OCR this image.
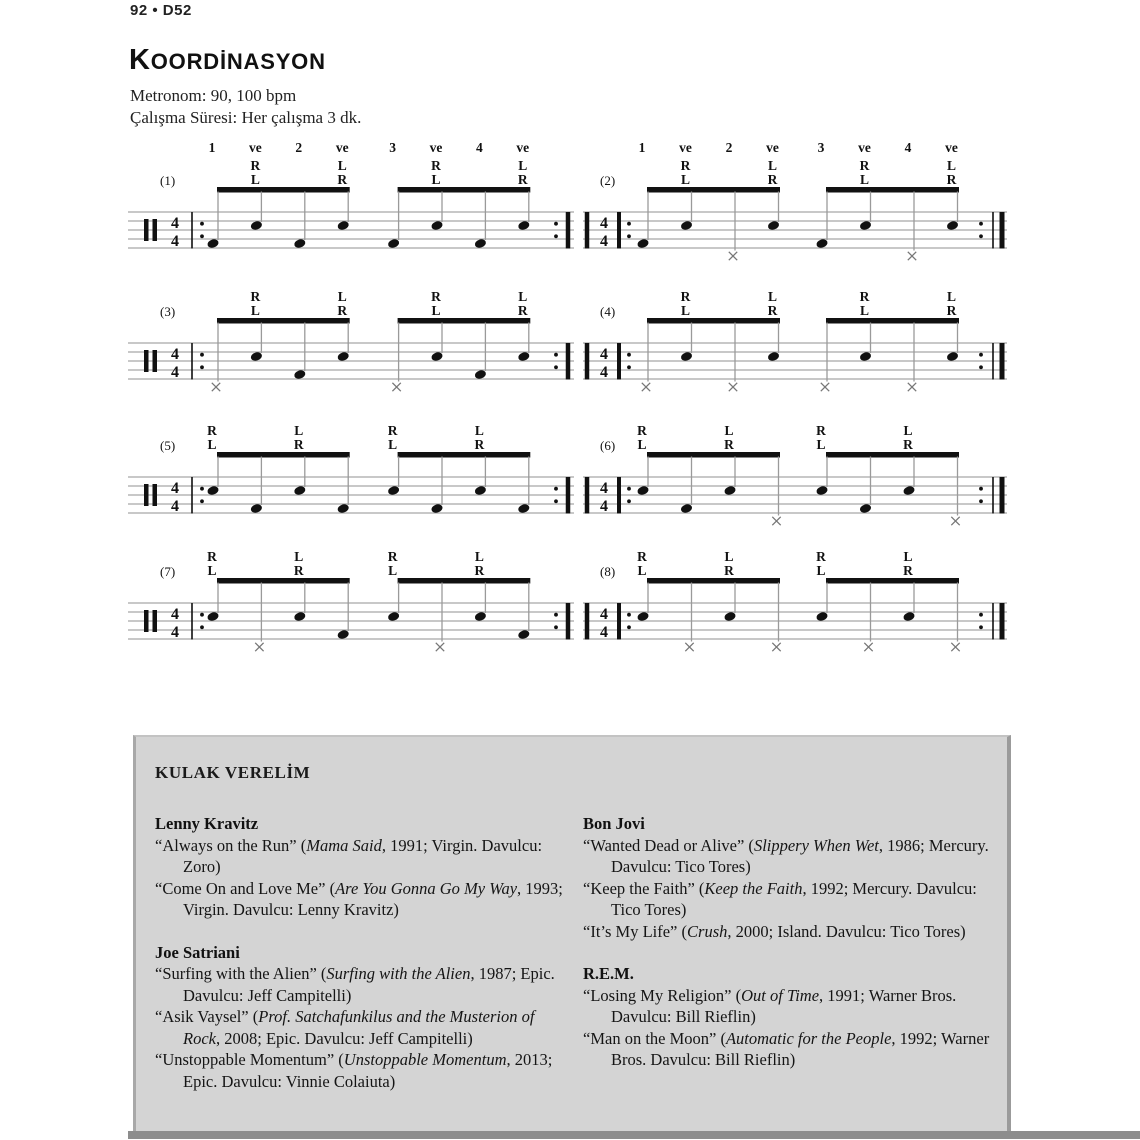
92 • D52
KOORDİNASYON
Metronom: 90, 100 bpm
Çalışma Süresi: Her çalışma 3 dk.
4
4
(1)
1 ve 2 ve	3 ve 4 ve
R
L
L
R
R
L
L
R
4
4
(2)
1	ve	2	ve	3	ve	4	ve
R
L
L
R
R
L
L
R
4
4
(3)
R
L
L
R
R
L
L
R
4
4
(4)
R
L
L
R
R
L
L
R
4
4
(5)
R
L
L
R
R
L
L
R
4
4
(6)
R
L
L
R
R
L
L
R
4
4
(7)
R
L
L
R
R
L
L
R
4
4
(8)
R
L
L
R
R
L
L
R
KULAK VERELİM
Lenny Kravitz
“Always on the Run” (Mama Said, 1991; Virgin. Davulcu: Zoro)
“Come On and Love Me” (Are You Gonna Go My Way, 1993; Virgin. Davulcu: Lenny Kravitz)
Joe Satriani
“Surfing with the Alien” (Surfing with the Alien, 1987; Epic. Davulcu: Jeff Campitelli)
“Asik Vaysel” (Prof. Satchafunkilus and the Musterion of Rock, 2008; Epic. Davulcu: Jeff Campitelli)
“Unstoppable Momentum” (Unstoppable Momentum, 2013; Epic. Davulcu: Vinnie Colaiuta)
Bon Jovi
“Wanted Dead or Alive” (Slippery When Wet, 1986; Mercury. Davulcu: Tico Tores)
“Keep the Faith” (Keep the Faith, 1992; Mercury. Davulcu: Tico Tores)
“It’s My Life” (Crush, 2000; Island. Davulcu: Tico Tores)
R.E.M.
“Losing My Religion” (Out of Time, 1991; Warner Bros. Davulcu: Bill Rieflin)
“Man on the Moon” (Automatic for the People, 1992; Warner Bros. Davulcu: Bill Rieflin)
